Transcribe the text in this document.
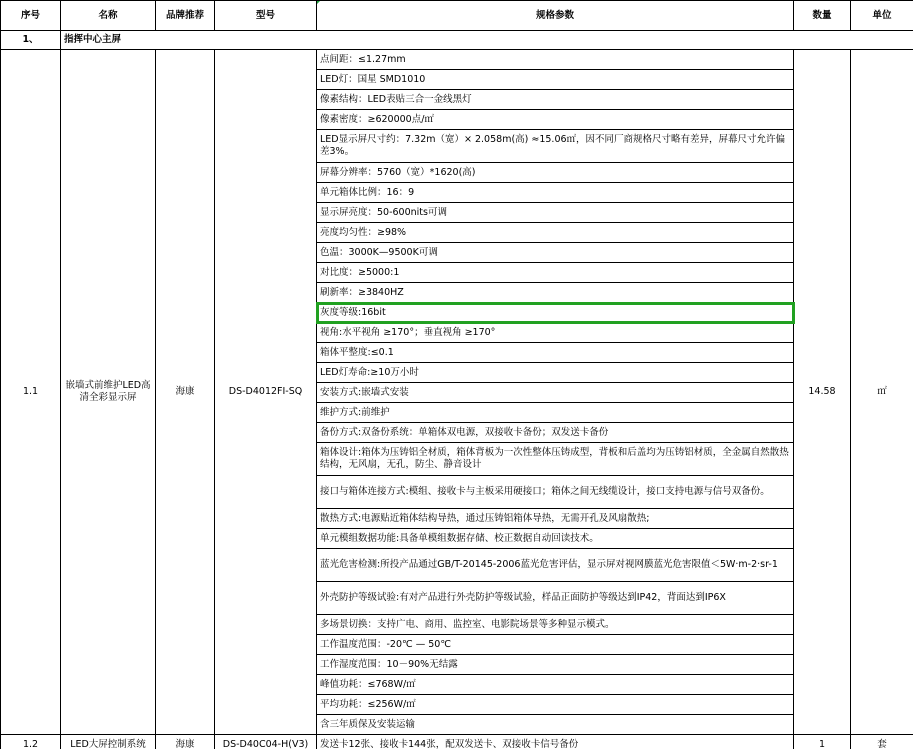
序号	名称	品牌推荐	型号	规格参数	数量	单位
1、	指挥中心主屏					
1.1	嵌墙式前维护LED高清全彩显示屏	海康	DS-D4012FI-SQ	点间距：≤1.27mm	14.58	㎡
				LED灯：国星 SMD1010		
				像素结构：LED表贴三合一金线黑灯		
				像素密度：≥620000点/㎡		
				LED显示屏尺寸约：7.32m（宽）× 2.058m(高) ≈15.06㎡，因不同厂商规格尺寸略有差异，屏幕尺寸允许偏差3%。		
				屏幕分辨率：5760（宽）*1620(高)		
				单元箱体比例：16：9		
				显示屏亮度：50-600nits可调		
				亮度均匀性：≥98%		
				色温：3000K—9500K可调		
				对比度：≥5000:1		
				刷新率：≥3840HZ		
				灰度等级:16bit		
				视角:水平视角 ≥170°；垂直视角 ≥170°		
				箱体平整度:≤0.1		
				LED灯寿命:≥10万小时		
				安装方式:嵌墙式安装		
				维护方式:前维护		
				备份方式:双备份系统：单箱体双电源，双接收卡备份；双发送卡备份		
				箱体设计:箱体为压铸铝全材质，箱体背板为一次性整体压铸成型，背板和后盖均为压铸铝材质，全金属自然散热结构，无风扇，无孔，防尘、静音设计		
				接口与箱体连接方式:模组、接收卡与主板采用硬接口；箱体之间无线缆设计，接口支持电源与信号双备份。		
				散热方式:电源贴近箱体结构导热，通过压铸铝箱体导热，无需开孔及风扇散热;		
				单元模组数据功能:具备单模组数据存储、校正数据自动回读技术。		
				蓝光危害检测:所投产品通过GB/T-20145-2006蓝光危害评估，显示屏对视网膜蓝光危害限值＜5W·m-2·sr-1		
				外壳防护等级试验:有对产品进行外壳防护等级试验，样品正面防护等级达到IP42，背面达到IP6X		
				多场景切换：支持广电、商用、监控室、电影院场景等多种显示模式。		
				工作温度范围：-20℃ — 50℃		
				工作湿度范围：10－90%无结露		
				峰值功耗：≤768W/㎡		
				平均功耗：≤256W/㎡		
				含三年质保及安装运输		
1.2	LED大屏控制系统	海康	DS-D40C04-H(V3)	发送卡12张、接收卡144张，配双发送卡、双接收卡信号备份	1	套
